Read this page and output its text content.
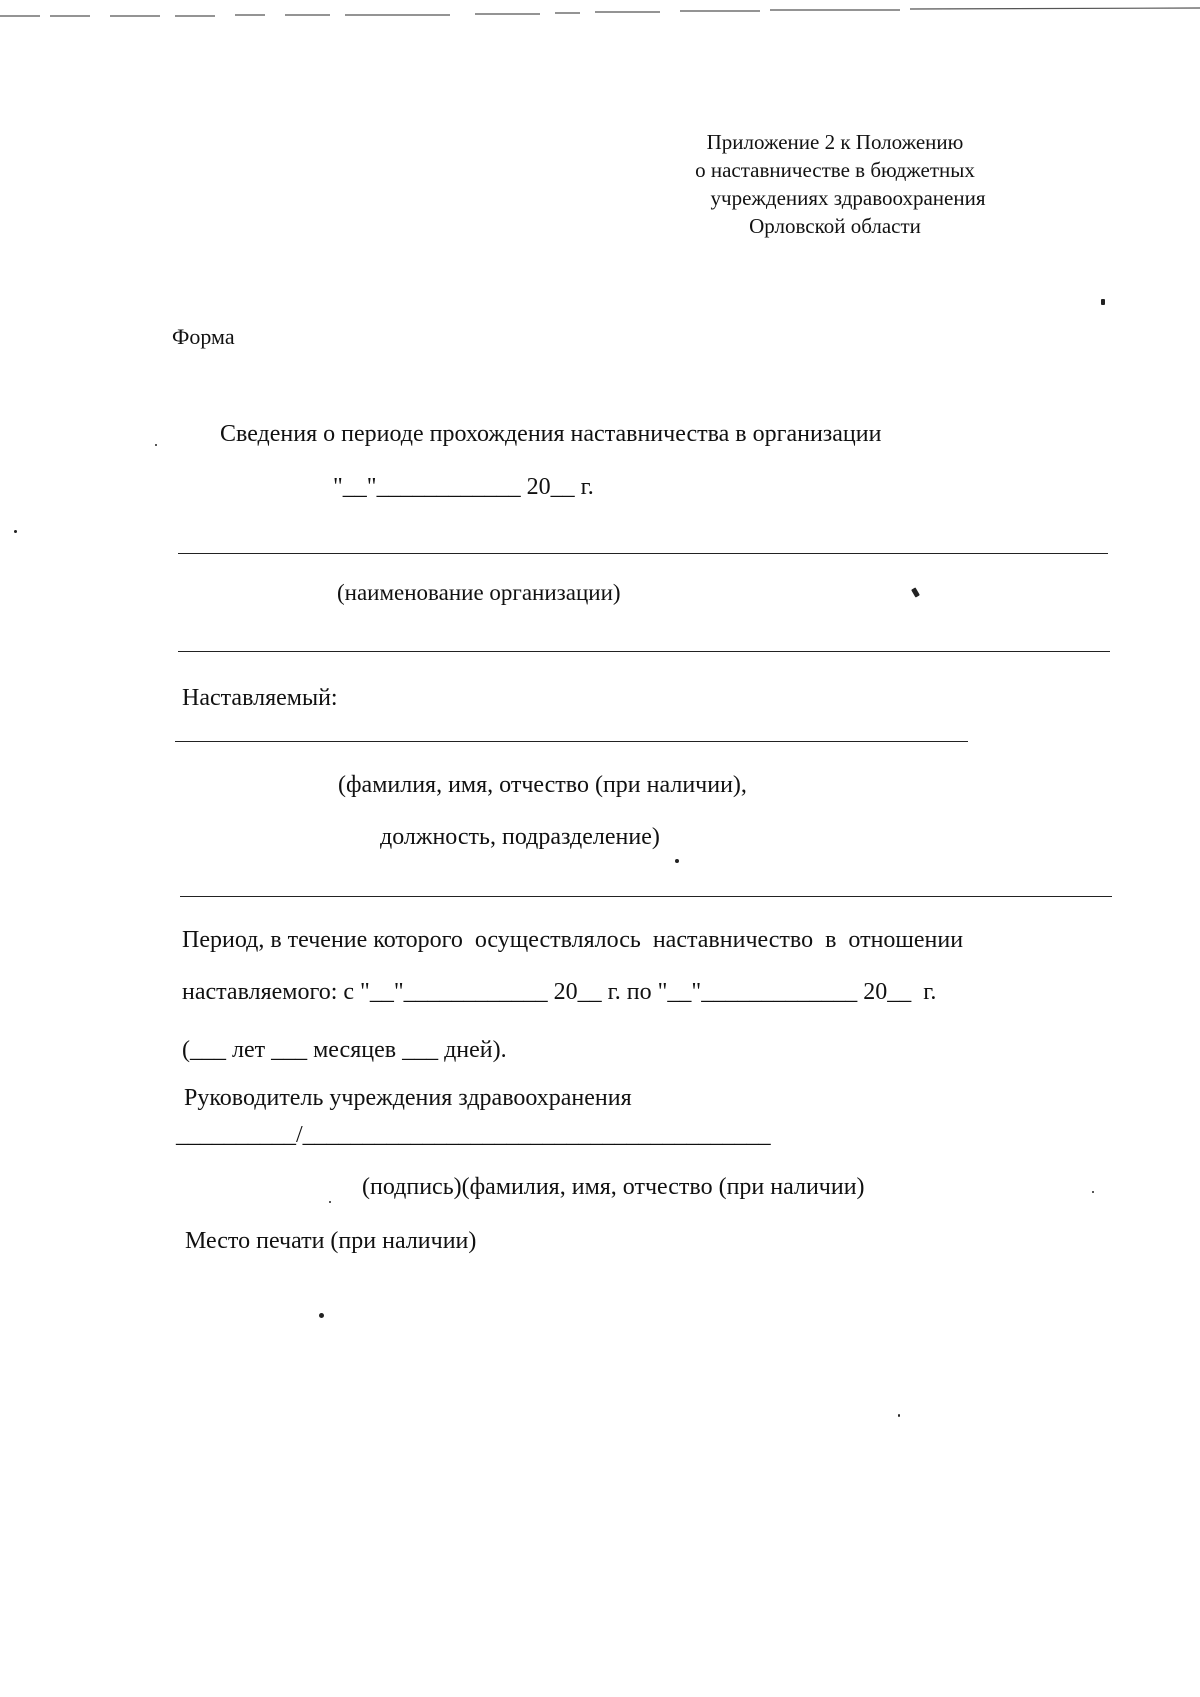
Приложение 2 к Положению
о наставничестве в бюджетных
учреждениях здравоохранения
Орловской области
Форма
Сведения о периоде прохождения наставничества в организации
"__"____________ 20__ г.
(наименование организации)
Наставляемый:
(фамилия, имя, отчество (при наличии),
должность, подразделение)
Период, в течение которого  осуществлялось  наставничество  в  отношении
наставляемого: с "__"____________ 20__ г. по "__"_____________ 20__  г.
(___ лет ___ месяцев ___ дней).
Руководитель учреждения здравоохранения
__________/_______________________________________
(подпись)(фамилия, имя, отчество (при наличии)
Место печати (при наличии)
